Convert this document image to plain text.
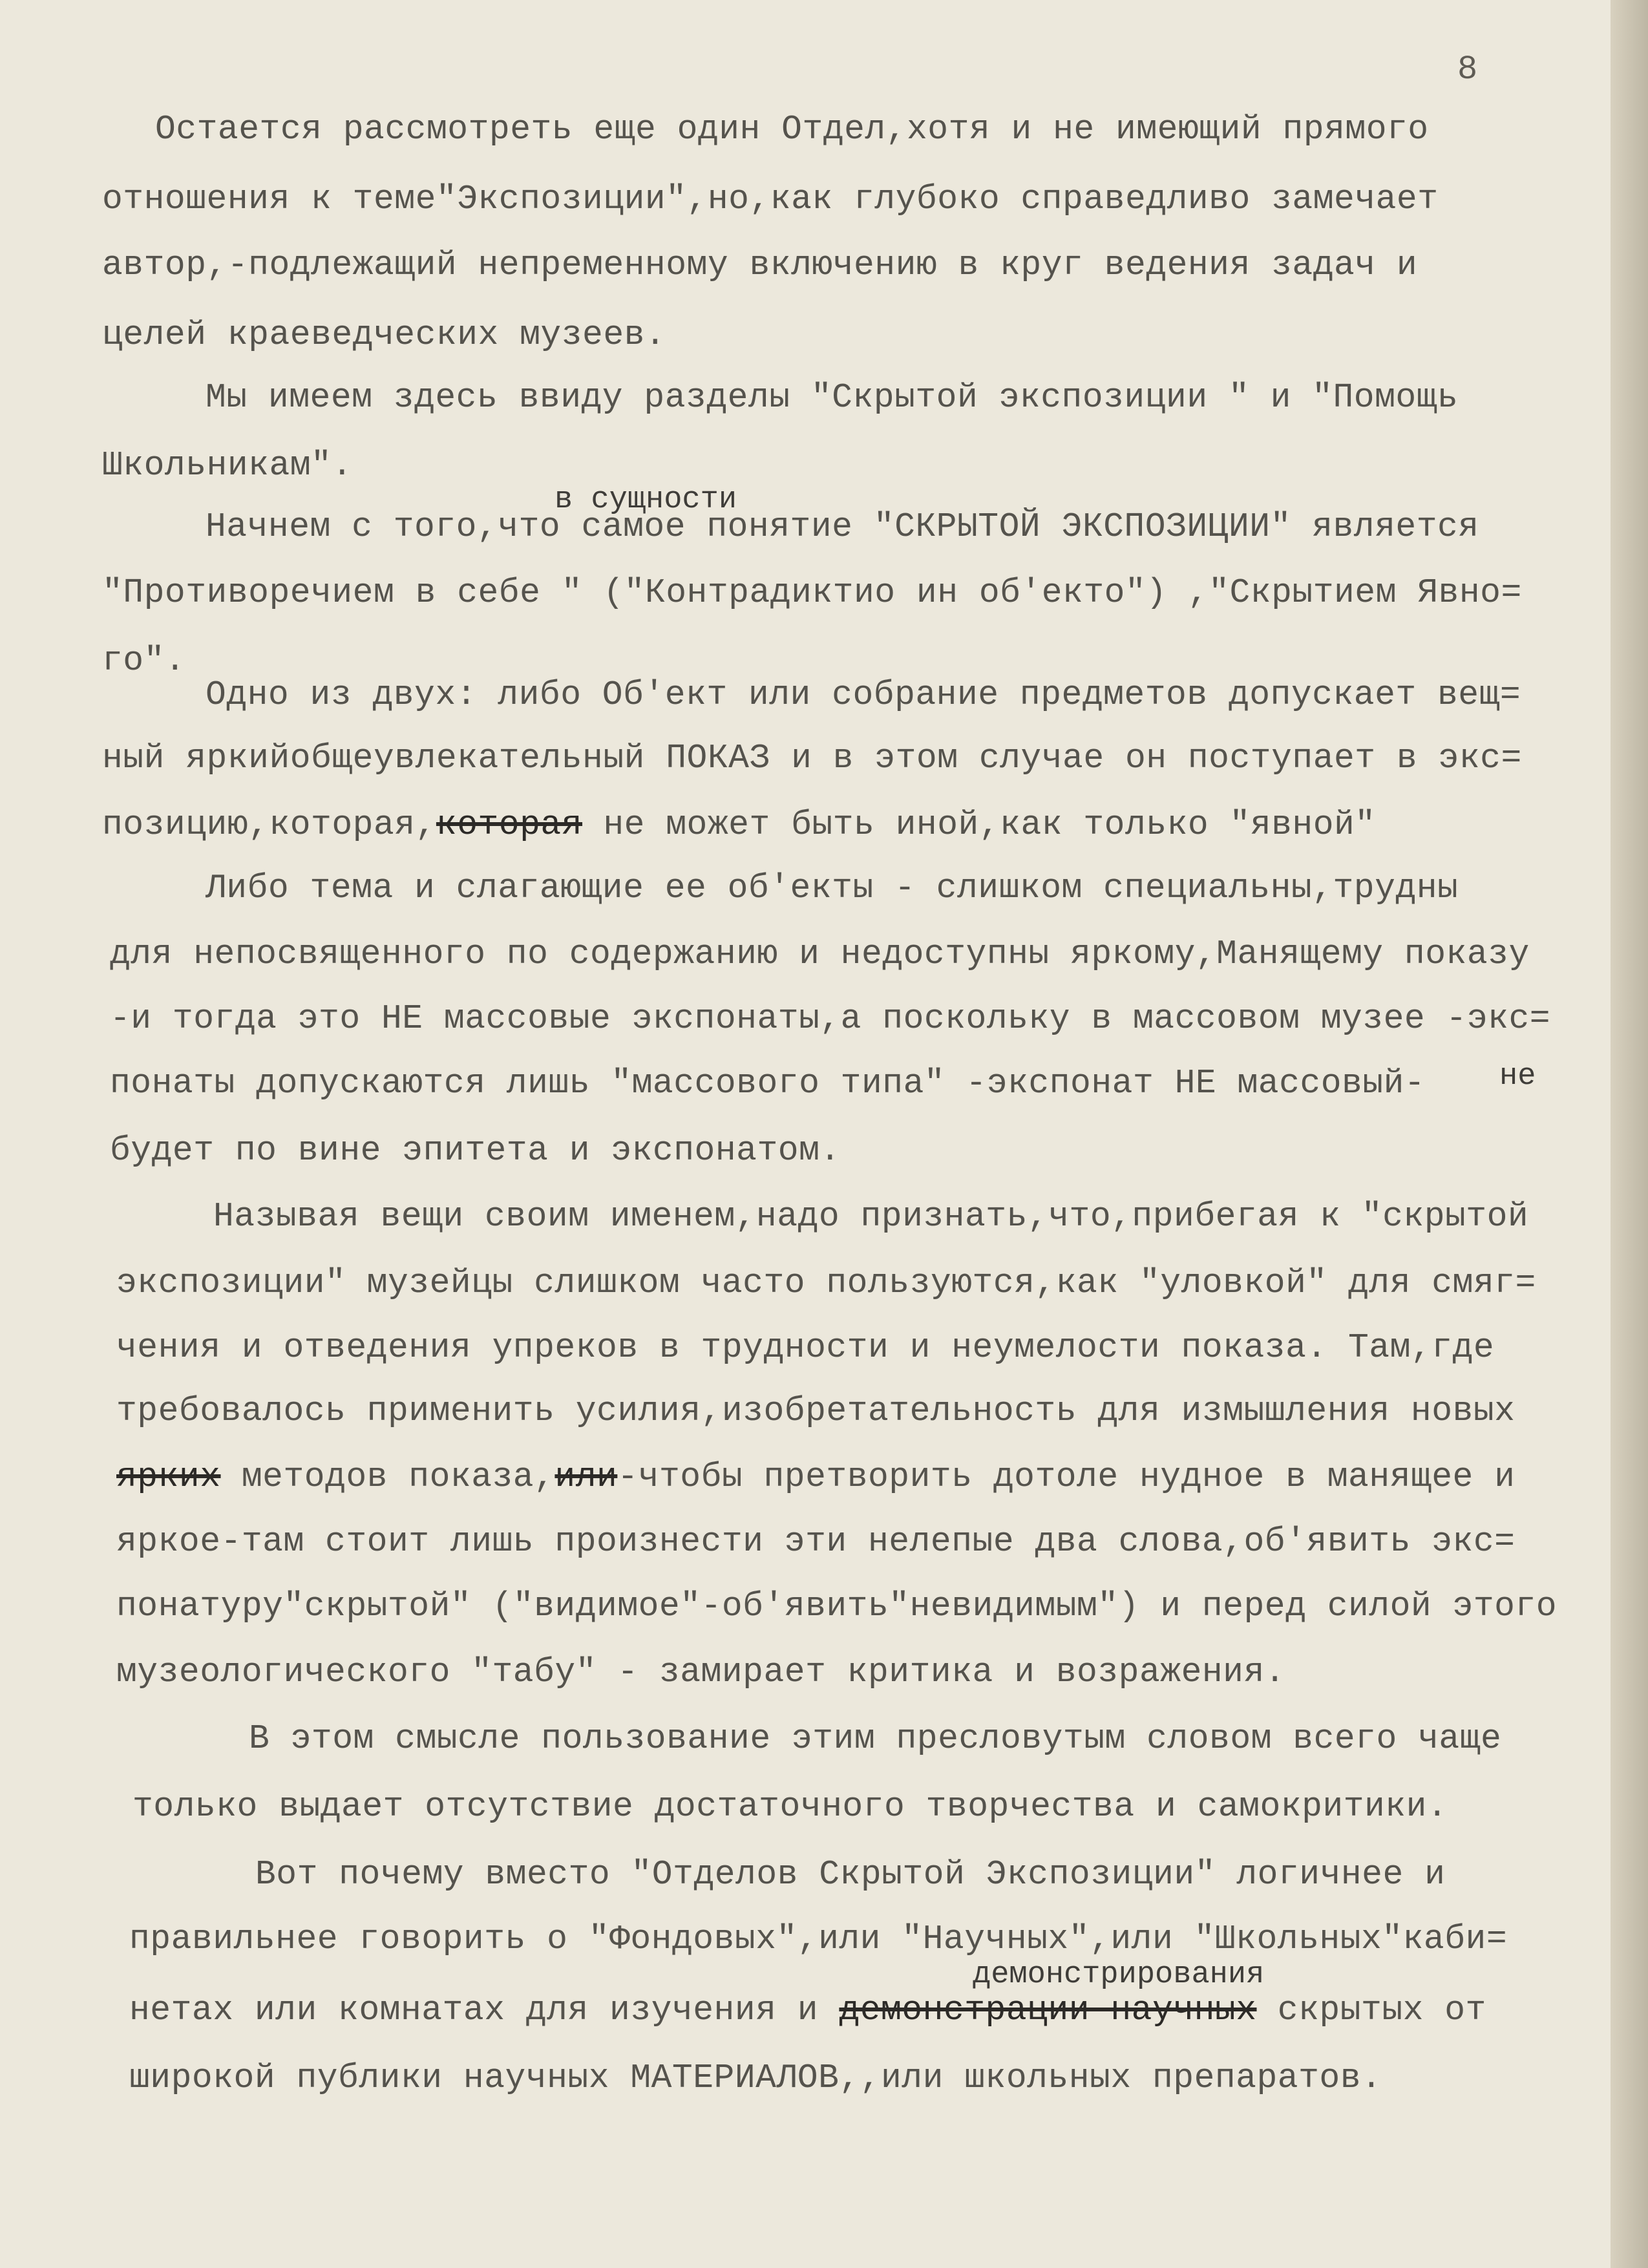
8
Остается рассмотреть еще один Отдел,хотя и не имеющий прямого
отношения к теме"Экспозиции",но,как глубоко справедливо замечает
автор,-подлежащий непременному включению в круг ведения задач и
целей краеведческих музеев.
Мы имеем здесь ввиду разделы "Скрытой экспозиции " и "Помощь
Школьникам".
в сущности
Начнем с того,что самое понятие "СКРЫТОЙ ЭКСПОЗИЦИИ" является
"Противоречием в себе " ("Контрадиктио ин об'екто") ,"Скрытием Явно=
го".
Одно из двух: либо Об'ект или собрание предметов допускает вещ=
ный яркийобщеувлекательный ПОКАЗ и в этом случае он поступает в экс=
позицию,которая,которая не может быть иной,как только "явной"
Либо тема и слагающие ее об'екты - слишком специальны,трудны
для непосвященного по содержанию и недоступны яркому,Манящему показу
-и тогда это НЕ массовые экспонаты,а поскольку в массовом музее -экс=
понаты допускаются лишь "массового типа" -экспонат НЕ массовый- не
будет по вине эпитета и экспонатом.
Называя вещи своим именем,надо признать,что,прибегая к "скрытой
экспозиции" музейцы слишком часто пользуются,как "уловкой" для смяг=
чения и отведения упреков в трудности и неумелости показа. Там,где
требовалось применить усилия,изобретательность для измышления новых
ярких методов показа,или-чтобы претворить дотоле нудное в манящее и
яркое-там стоит лишь произнести эти нелепые два слова,об'явить экс=
понатуру"скрытой" ("видимое"-об'явить"невидимым") и перед силой этого
музеологического "табу" - замирает критика и возражения.
В этом смысле пользование этим пресловутым словом всего чаще
только выдает отсутствие достаточного творчества и самокритики.
Вот почему вместо "Отделов Скрытой Экспозиции" логичнее и
правильнее говорить о "Фондовых",или "Научных",или "Школьных"каби=
демонстрирования
нетах или комнатах для изучения и демонстрации научных скрытых от
широкой публики научных МАТЕРИАЛОВ,,или школьных препаратов.
